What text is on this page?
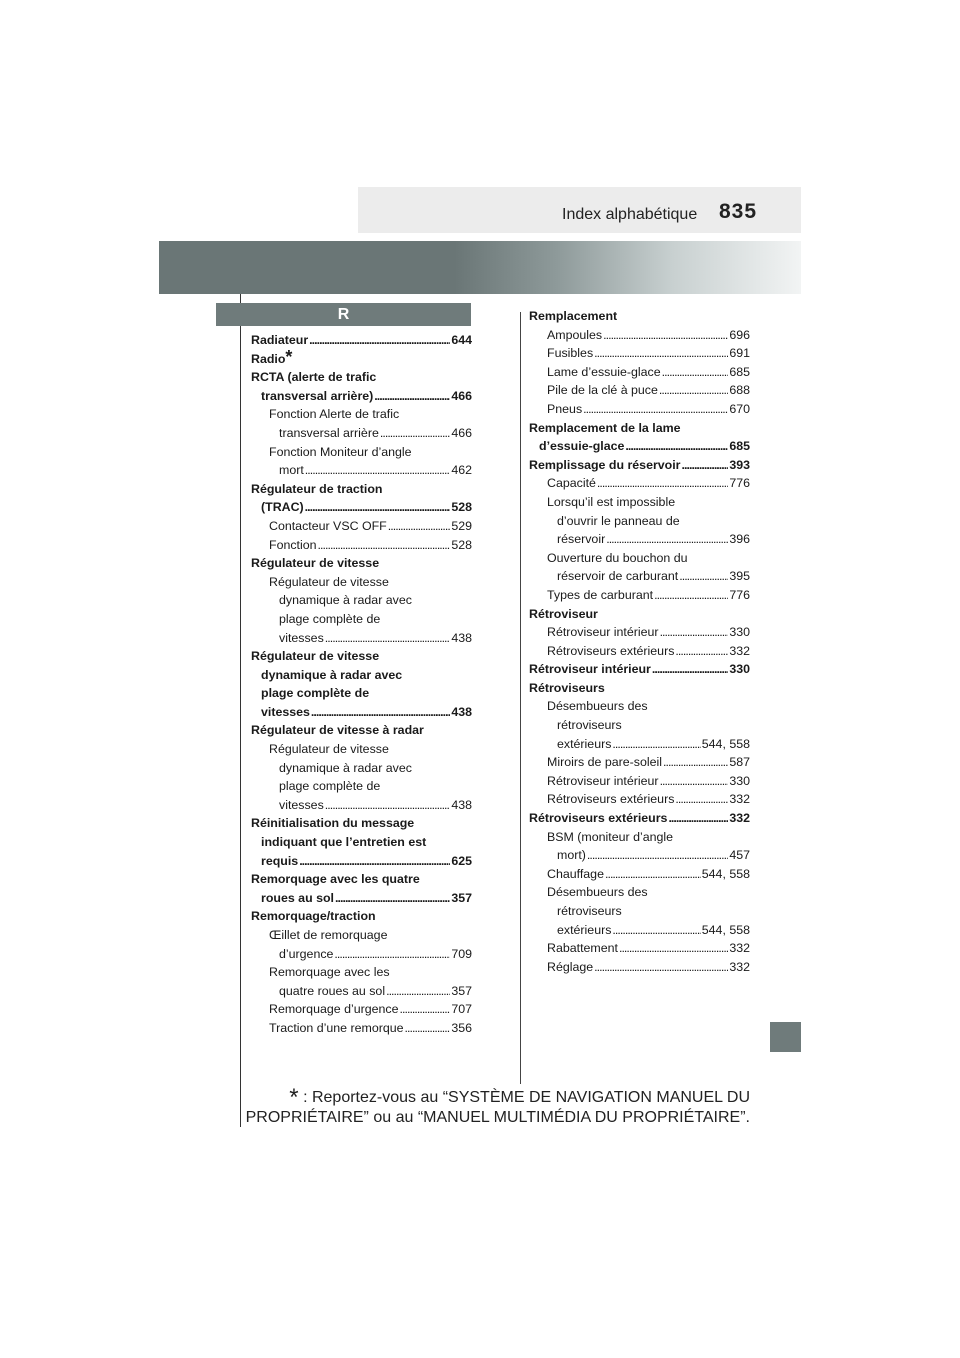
Index alphabétique 835
R
Radiateur . . .	644
Radio *
RCTA (alerte de trafic
transversal arrière) . . .	466
Fonction Alerte de trafic
transversal arrière . . .	466
Fonction Moniteur d’angle
mort . . .	462
Régulateur de traction
(TRAC) . . .	528
Contacteur VSC OFF . . .	529
Fonction . . .	528
Régulateur de vitesse
Régulateur de vitesse
dynamique à radar avec
plage complète de
vitesses . . .	438
Régulateur de vitesse
dynamique à radar avec
plage complète de
vitesses . . .	438
Régulateur de vitesse à radar
Régulateur de vitesse
dynamique à radar avec
plage complète de
vitesses . . .	438
Réinitialisation du message
indiquant que l’entretien est
requis . . .	625
Remorquage avec les quatre
roues au sol . . .	357
Remorquage/traction
Œillet de remorquage
d’urgence . . .	709
Remorquage avec les
quatre roues au sol . . .	357
Remorquage d’urgence . . .	707
Traction d’une remorque . . .	356
Remplacement
Ampoules . . .	696
Fusibles . . .	691
Lame d’essuie-glace . . .	685
Pile de la clé à puce . . .	688
Pneus . . .	670
Remplacement de la lame
d’essuie-glace . . .	685
Remplissage du réservoir . . .	393
Capacité . . .	776
Lorsqu’il est impossible
d’ouvrir le panneau de
réservoir . . .	396
Ouverture du bouchon du
réservoir de carburant . . .	395
Types de carburant . . .	776
Rétroviseur
Rétroviseur intérieur . . .	330
Rétroviseurs extérieurs . . .	332
Rétroviseur intérieur . . .	330
Rétroviseurs
Désembueurs des
rétroviseurs
extérieurs . . .	544, 558
Miroirs de pare-soleil . . .	587
Rétroviseur intérieur . . .	330
Rétroviseurs extérieurs . . .	332
Rétroviseurs extérieurs . . .	332
BSM (moniteur d’angle
mort) . . .	457
Chauffage . . .	544, 558
Désembueurs des
rétroviseurs
extérieurs . . .	544, 558
Rabattement . . .	332
Réglage . . .	332
* : Reportez-vous au “SYSTÈME DE NAVIGATION MANUEL DU
PROPRIÉTAIRE” ou au “MANUEL MULTIMÉDIA DU PROPRIÉTAIRE”.
